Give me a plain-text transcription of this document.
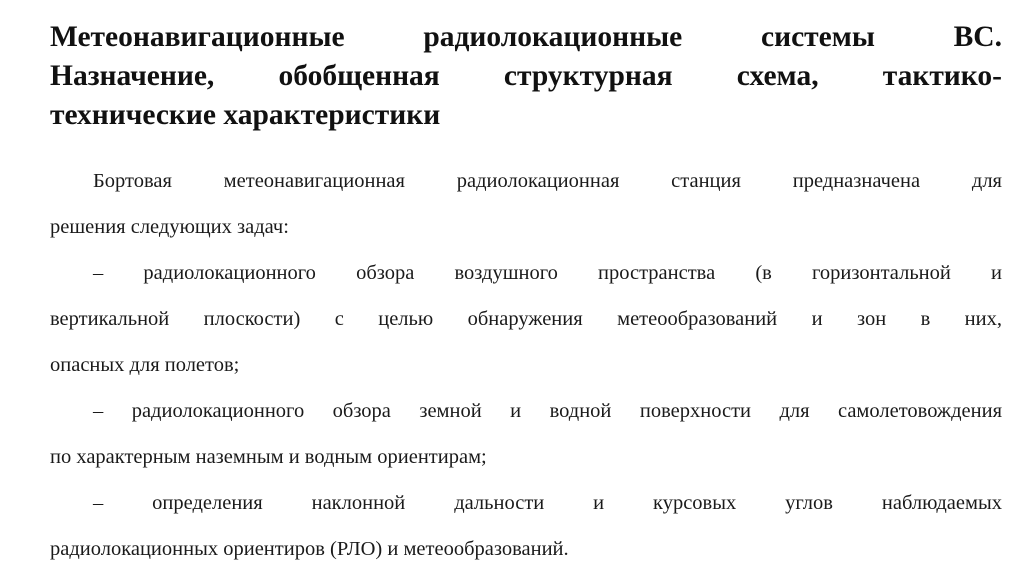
Метеонавигационные радиолокационные системы ВС.
Назначение, обобщенная структурная схема, тактико-
технические характеристики

Бортовая метеонавигационная радиолокационная станция предназначена для
решения следующих задач:

– радиолокационного обзора воздушного пространства (в горизонтальной и
вертикальной плоскости) с целью обнаружения метеообразований и зон в них,
опасных для полетов;

– радиолокационного обзора земной и водной поверхности для самолетовождения
по характерным наземным и водным ориентирам;

– определения наклонной дальности и курсовых углов наблюдаемых
радиолокационных ориентиров (РЛО) и метеообразований.
